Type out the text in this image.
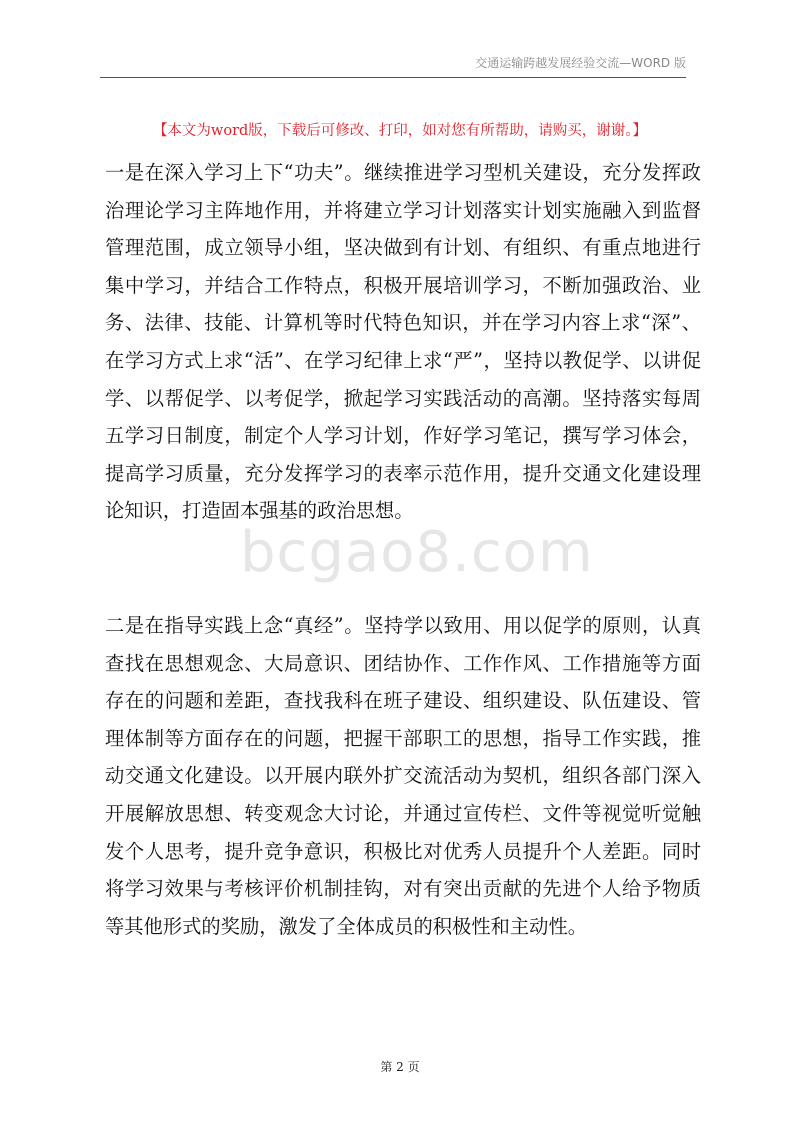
交通运输跨越发展经验交流—WORD 版
【本文为word版，下载后可修改、打印，如对您有所帮助，请购买，谢谢。】
bcgao8.com
一是在深入学习上下“功夫”。继续推进学习型机关建设，充分发挥政
治理论学习主阵地作用，并将建立学习计划落实计划实施融入到监督
管理范围，成立领导小组，坚决做到有计划、有组织、有重点地进行
集中学习，并结合工作特点，积极开展培训学习，不断加强政治、业
务、法律、技能、计算机等时代特色知识，并在学习内容上求“深”、
在学习方式上求“活”、在学习纪律上求“严”，坚持以教促学、以讲促
学、以帮促学、以考促学，掀起学习实践活动的高潮。坚持落实每周
五学习日制度，制定个人学习计划，作好学习笔记，撰写学习体会，
提高学习质量，充分发挥学习的表率示范作用，提升交通文化建设理
论知识，打造固本强基的政治思想。
二是在指导实践上念“真经”。坚持学以致用、用以促学的原则，认真
查找在思想观念、大局意识、团结协作、工作作风、工作措施等方面
存在的问题和差距，查找我科在班子建设、组织建设、队伍建设、管
理体制等方面存在的问题，把握干部职工的思想，指导工作实践，推
动交通文化建设。以开展内联外扩交流活动为契机，组织各部门深入
开展解放思想、转变观念大讨论，并通过宣传栏、文件等视觉听觉触
发个人思考，提升竞争意识，积极比对优秀人员提升个人差距。同时
将学习效果与考核评价机制挂钩，对有突出贡献的先进个人给予物质
等其他形式的奖励，激发了全体成员的积极性和主动性。
第 2 页
